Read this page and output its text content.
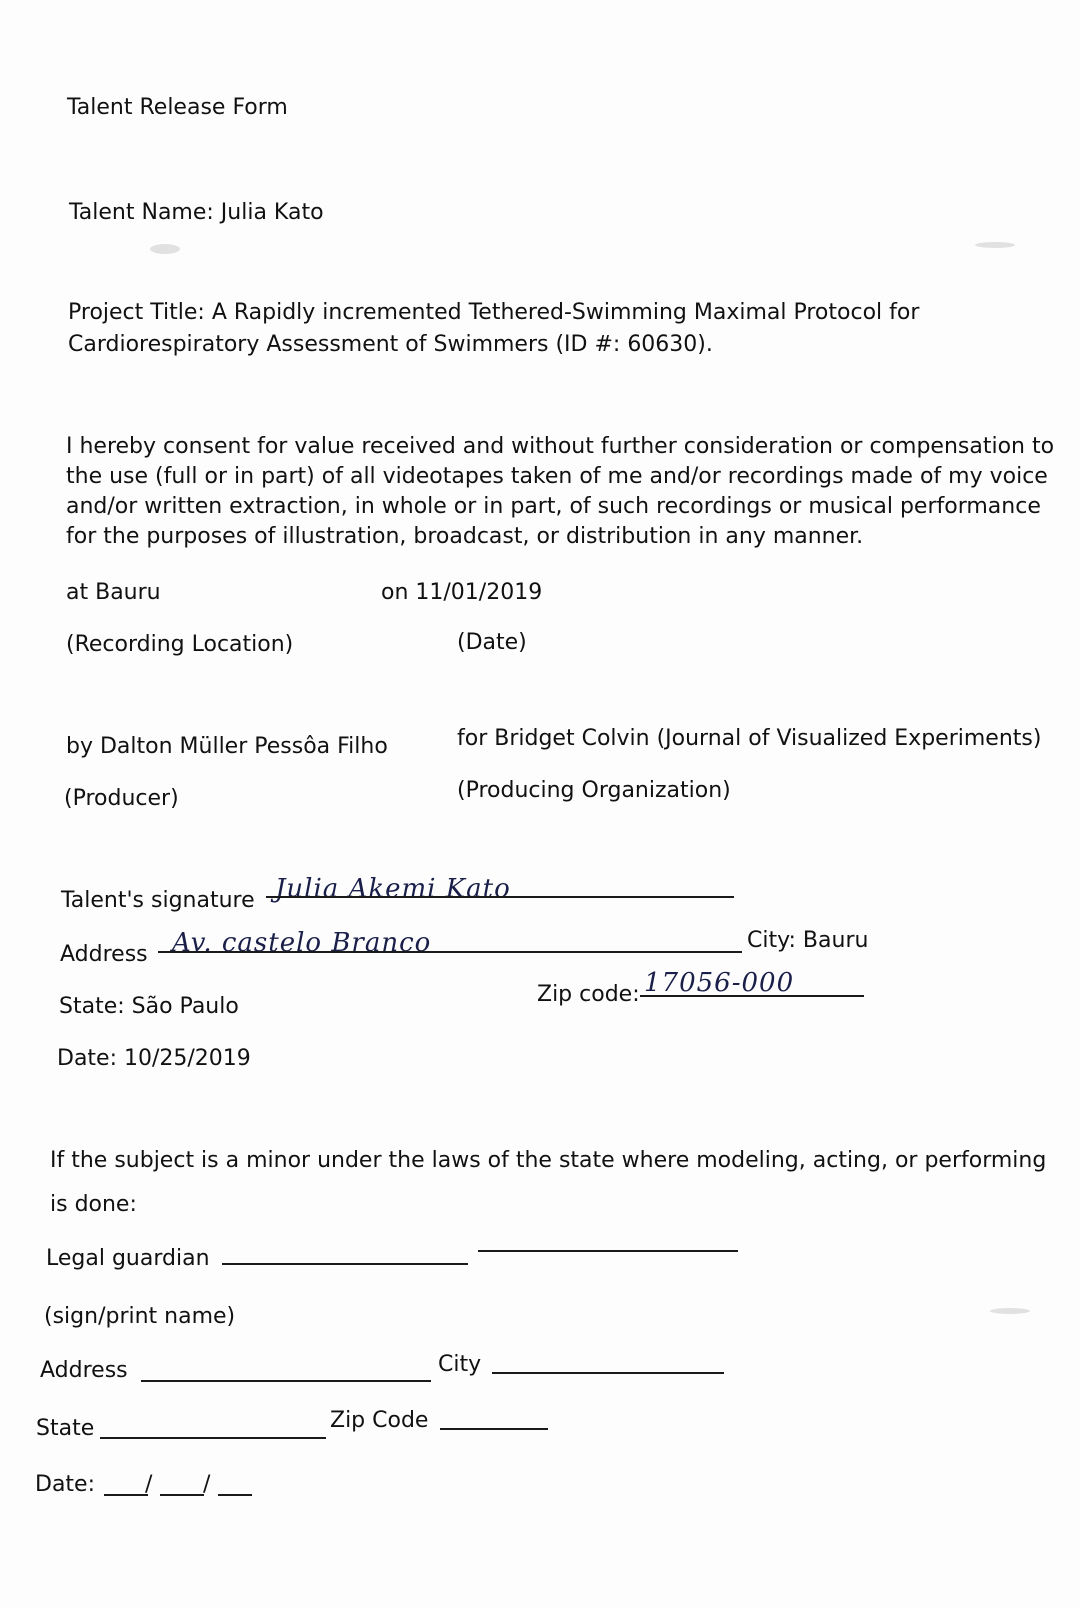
Talent Release Form
Talent Name: Julia Kato
Project Title: A Rapidly incremented Tethered-Swimming Maximal Protocol for
Cardiorespiratory Assessment of Swimmers (ID #: 60630).
I hereby consent for value received and without further consideration or compensation to
the use (full or in part) of all videotapes taken of me and/or recordings made of my voice
and/or written extraction, in whole or in part, of such recordings or musical performance
for the purposes of illustration, broadcast, or distribution in any manner.
at Bauru	on 11/01/2019
(Recording Location)	(Date)
by Dalton Müller Pessôa Filho	for Bridget Colvin (Journal of Visualized Experiments)
(Producer)	(Producing Organization)
Talent's signature Julia Akemi Kato
Address Av. castelo Branco	City: Bauru
State: São Paulo	Zip code: 17056-000
Date: 10/25/2019
If the subject is a minor under the laws of the state where modeling, acting, or performing
is done:
Legal guardian
(sign/print name)
Address	City
State	Zip Code
Date: / /
